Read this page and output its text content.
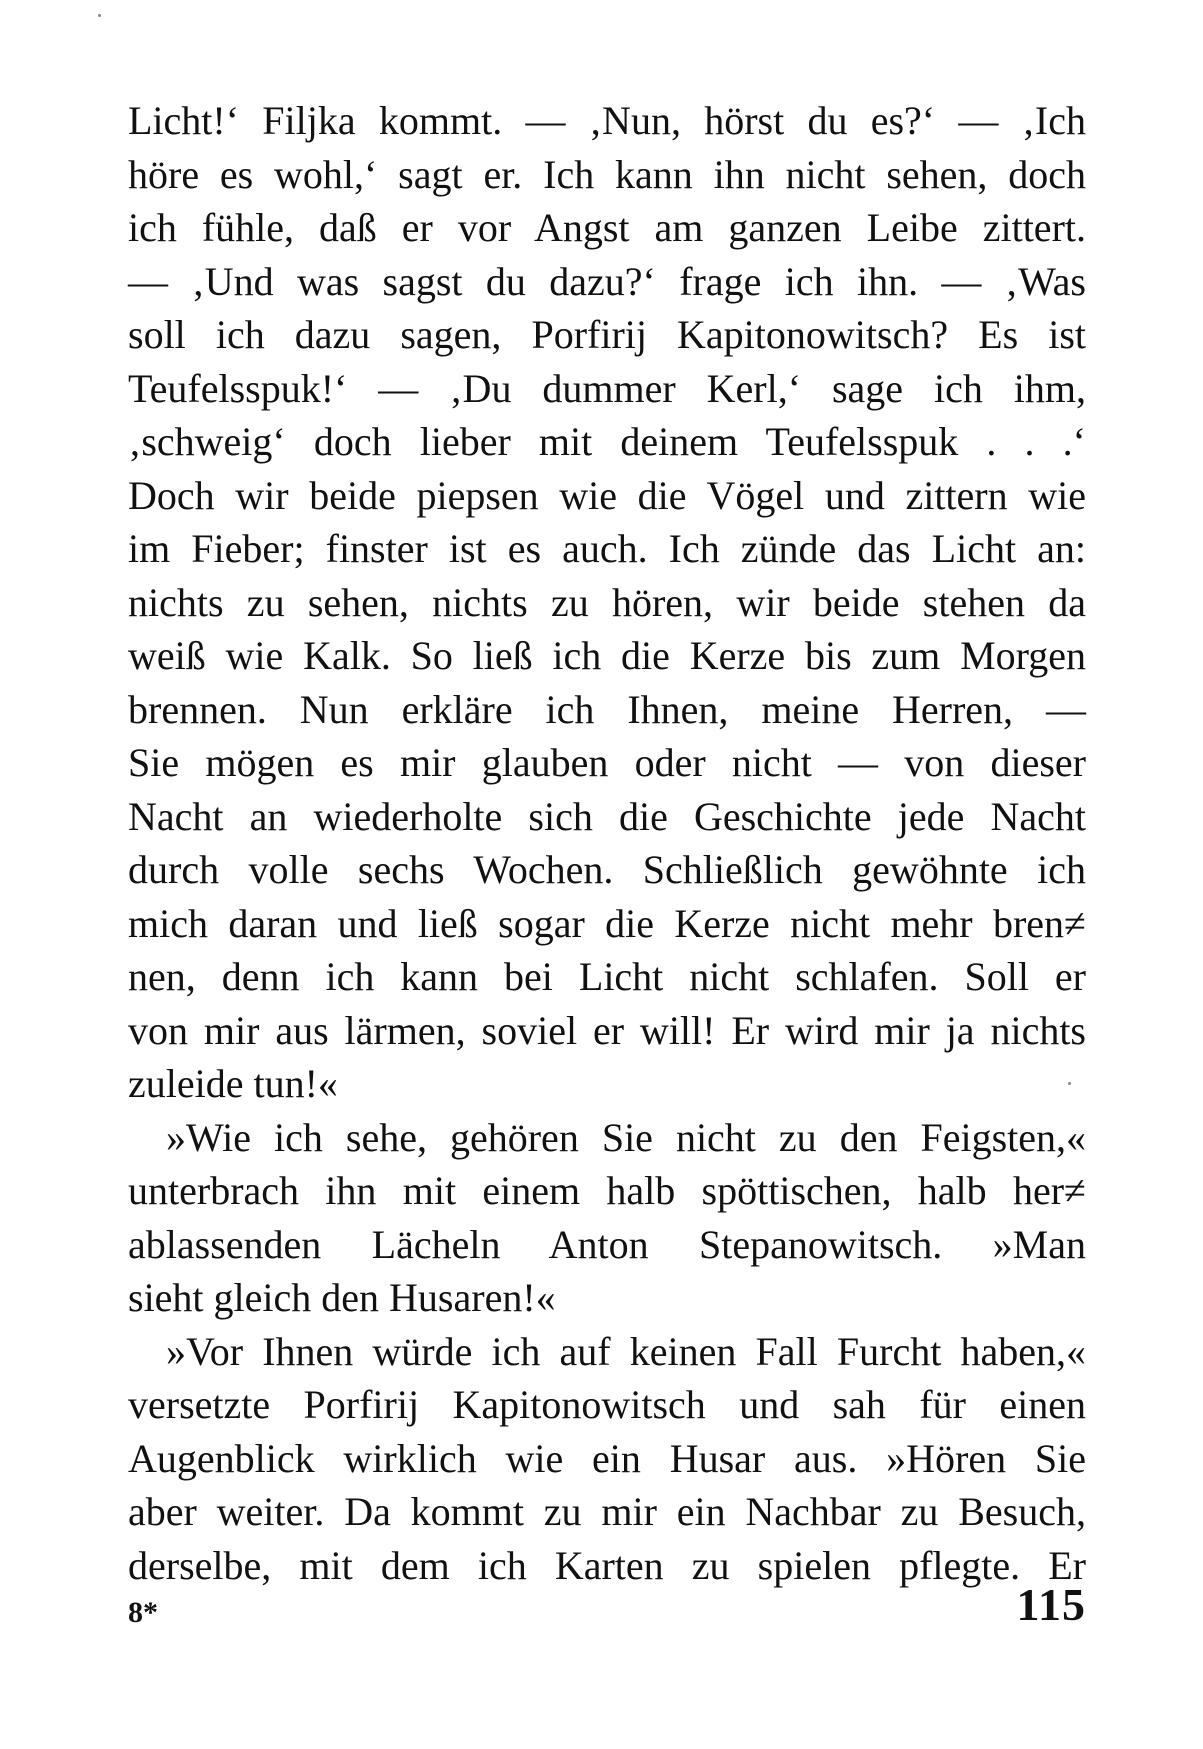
Licht!‘ Filjka kommt. — ‚Nun, hörst du es?‘ — ‚Ich
höre es wohl,‘ sagt er. Ich kann ihn nicht sehen, doch
ich fühle, daß er vor Angst am ganzen Leibe zittert.
— ‚Und was sagst du dazu?‘ frage ich ihn. — ‚Was
soll ich dazu sagen, Porfirij Kapitonowitsch? Es ist
Teufelsspuk!‘ — ‚Du dummer Kerl,‘ sage ich ihm,
‚schweig‘ doch lieber mit deinem Teufelsspuk . . .‘
Doch wir beide piepsen wie die Vögel und zittern wie
im Fieber; finster ist es auch. Ich zünde das Licht an:
nichts zu sehen, nichts zu hören, wir beide stehen da
weiß wie Kalk. So ließ ich die Kerze bis zum Morgen
brennen. Nun erkläre ich Ihnen, meine Herren, —
Sie mögen es mir glauben oder nicht — von dieser
Nacht an wiederholte sich die Geschichte jede Nacht
durch volle sechs Wochen. Schließlich gewöhnte ich
mich daran und ließ sogar die Kerze nicht mehr bren≠
nen, denn ich kann bei Licht nicht schlafen. Soll er
von mir aus lärmen, soviel er will! Er wird mir ja nichts
zuleide tun!«
»Wie ich sehe, gehören Sie nicht zu den Feigsten,«
unterbrach ihn mit einem halb spöttischen, halb her≠
ablassenden Lächeln Anton Stepanowitsch. »Man
sieht gleich den Husaren!«
»Vor Ihnen würde ich auf keinen Fall Furcht haben,«
versetzte Porfirij Kapitonowitsch und sah für einen
Augenblick wirklich wie ein Husar aus. »Hören Sie
aber weiter. Da kommt zu mir ein Nachbar zu Besuch,
derselbe, mit dem ich Karten zu spielen pflegte. Er
8*	115
